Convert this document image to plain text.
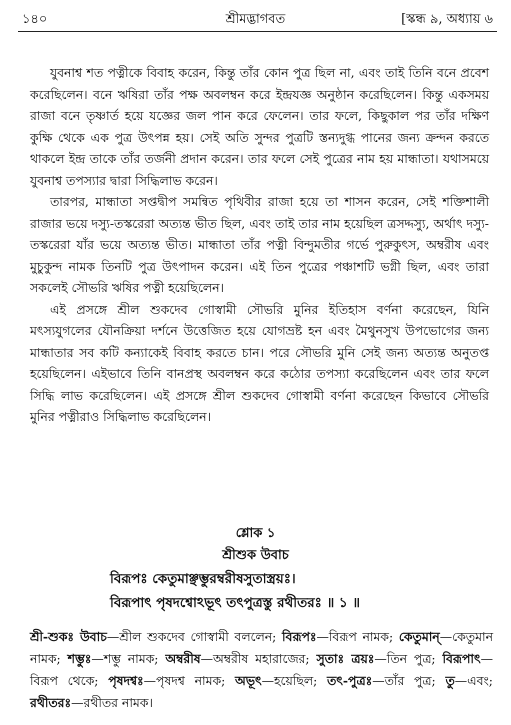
১৪০	শ্রীমদ্ভাগবত	[স্কন্ধ ৯, অধ্যায় ৬

যুবনাশ্ব শত পত্নীকে বিবাহ করেন, কিন্তু তাঁর কোন পুত্র ছিল না, এবং তাই তিনি বনে প্রবেশ করেছিলেন। বনে ঋষিরা তাঁর পক্ষ অবলম্বন করে ইন্দ্রযজ্ঞ অনুষ্ঠান করেছিলেন। কিন্তু একসময় রাজা বনে তৃষ্ণার্ত হয়ে যজ্ঞের জল পান করে ফেলেন। তার ফলে, কিছুকাল পর তাঁর দক্ষিণ কুক্ষি থেকে এক পুত্র উৎপন্ন হয়। সেই অতি সুন্দর পুত্রটি স্তন্যদুগ্ধ পানের জন্য ক্রন্দন করতে থাকলে ইন্দ্র তাকে তাঁর তর্জনী প্রদান করেন। তার ফলে সেই পুত্রের নাম হয় মান্ধাতা। যথাসময়ে যুবনাশ্ব তপস্যার দ্বারা সিদ্ধিলাভ করেন।

তারপর, মান্ধাতা সপ্তদ্বীপ সমন্বিত পৃথিবীর রাজা হয়ে তা শাসন করেন, সেই শক্তিশালী রাজার ভয়ে দস্যু-তস্করেরা অত্যন্ত ভীত ছিল, এবং তাই তার নাম হয়েছিল ত্রসদ্দস্যু, অর্থাৎ দস্যু-তস্করেরা যাঁর ভয়ে অত্যন্ত ভীত। মান্ধাতা তাঁর পত্নী বিন্দুমতীর গর্ভে পুরুকুৎস, অম্বরীষ এবং মুচুকুন্দ নামক তিনটি পুত্র উৎপাদন করেন। এই তিন পুত্রের পঞ্চাশটি ভগ্নী ছিল, এবং তারা সকলেই সৌভরি ঋষির পত্নী হয়েছিলেন।

এই প্রসঙ্গে শ্রীল শুকদেব গোস্বামী সৌভরি মুনির ইতিহাস বর্ণনা করেছেন, যিনি মৎস্যযুগলের যৌনক্রিয়া দর্শনে উত্তেজিত হয়ে যোগভ্রষ্ট হন এবং মৈথুনসুখ উপভোগের জন্য মান্ধাতার সব কটি কন্যাকেই বিবাহ করতে চান। পরে সৌভরি মুনি সেই জন্য অত্যন্ত অনুতপ্ত হয়েছিলেন। এইভাবে তিনি বানপ্রস্থ অবলম্বন করে কঠোর তপস্যা করেছিলেন এবং তার ফলে সিদ্ধি লাভ করেছিলেন। এই প্রসঙ্গে শ্রীল শুকদেব গোস্বামী বর্ণনা করেছেন কিভাবে সৌভরি মুনির পত্নীরাও সিদ্ধিলাভ করেছিলেন।

শ্লোক ১
শ্রীশুক উবাচ
বিরূপঃ কেতুমাঞ্ছম্ভুরম্বরীষসুতাস্ত্রয়ঃ।
বিরূপাৎ পৃষদশ্বোঽভূৎ তৎপুত্রস্তু রথীতরঃ ॥ ১ ॥
শ্রী-শুকঃ উবাচ—শ্রীল শুকদেব গোস্বামী বললেন; বিরূপঃ—বিরূপ নামক; কেতুমান্—কেতুমান নামক; শম্ভুঃ—শম্ভু নামক; অম্বরীষ—অম্বরীষ মহারাজের; সুতাঃ ত্রয়ঃ—তিন পুত্র; বিরূপাৎ—বিরূপ থেকে; পৃষদশ্বঃ—পৃষদশ্ব নামক; অভূৎ—হয়েছিল; তৎ-পুত্রঃ—তাঁর পুত্র; তু—এবং; রথীতরঃ—রথীতর নামক।
